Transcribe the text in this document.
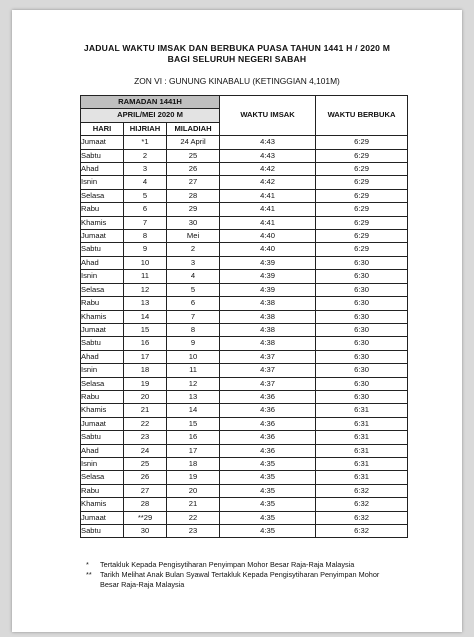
JADUAL WAKTU IMSAK DAN BERBUKA PUASA TAHUN 1441 H / 2020 M
BAGI SELURUH NEGERI SABAH
ZON VI : GUNUNG KINABALU (KETINGGIAN 4,101M)
RAMADAN 1441H			WAKTU IMSAK	WAKTU BERBUKA
APRIL/MEI 2020 M				
HARI	HIJRIAH	MILADIAH		
Jumaat	*1	24 April	4:43	6:29
Sabtu	2	25	4:43	6:29
Ahad	3	26	4:42	6:29
Isnin	4	27	4:42	6:29
Selasa	5	28	4:41	6:29
Rabu	6	29	4:41	6:29
Khamis	7	30	4:41	6:29
Jumaat	8	Mei	4:40	6:29
Sabtu	9	2	4:40	6:29
Ahad	10	3	4:39	6:30
Isnin	11	4	4:39	6:30
Selasa	12	5	4:39	6:30
Rabu	13	6	4:38	6:30
Khamis	14	7	4:38	6:30
Jumaat	15	8	4:38	6:30
Sabtu	16	9	4:38	6:30
Ahad	17	10	4:37	6:30
Isnin	18	11	4:37	6:30
Selasa	19	12	4:37	6:30
Rabu	20	13	4:36	6:30
Khamis	21	14	4:36	6:31
Jumaat	22	15	4:36	6:31
Sabtu	23	16	4:36	6:31
Ahad	24	17	4:36	6:31
Isnin	25	18	4:35	6:31
Selasa	26	19	4:35	6:31
Rabu	27	20	4:35	6:32
Khamis	28	21	4:35	6:32
Jumaat	**29	22	4:35	6:32
Sabtu	30	23	4:35	6:32
* Tertakluk Kepada Pengisytiharan Penyimpan Mohor Besar Raja-Raja Malaysia
** Tarikh Melihat Anak Bulan Syawal Tertakluk Kepada Pengisytiharan Penyimpan Mohor Besar Raja-Raja Malaysia
